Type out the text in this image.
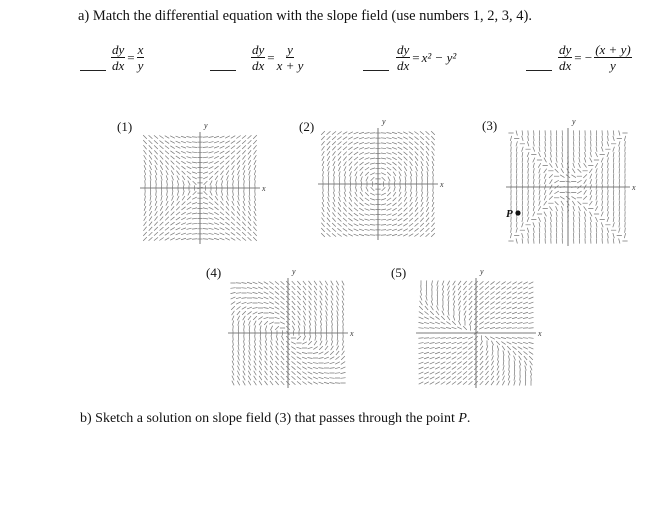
a) Match the differential equation with the slope field (use numbers 1, 2, 3, 4).
$\frac{dy}{dx} = \frac{x}{y}$	$\frac{dy}{dx} = \frac{y}{x + y}$	$\frac{dy}{dx} = x^2 - y^2$	$\frac{dy}{dx}$ = − $\frac{(x + y)}{y}$
(1)	(2)	(3)
(4)	(5)
x
y
x
y
x
y
P
x
y
x
y
b) Sketch a solution on slope field (3) that passes through the point P.
